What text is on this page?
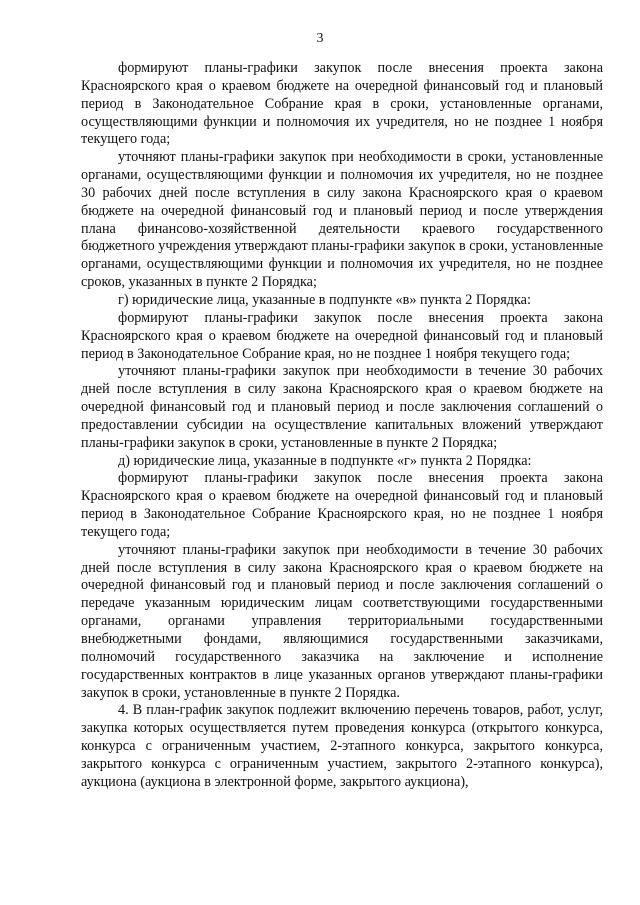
3

формируют планы-графики закупок после внесения проекта закона Красноярского края о краевом бюджете на очередной финансовый год и плановый период в Законодательное Собрание края в сроки, установленные органами, осуществляющими функции и полномочия их учредителя, но не позднее 1 ноября текущего года;

уточняют планы-графики закупок при необходимости в сроки, установленные органами, осуществляющими функции и полномочия их учредителя, но не позднее 30 рабочих дней после вступления в силу закона Красноярского края о краевом бюджете на очередной финансовый год и плановый период и после утверждения плана финансово-хозяйственной деятельности краевого государственного бюджетного учреждения утверждают планы-графики закупок в сроки, установленные органами, осуществляющими функции и полномочия их учредителя, но не позднее сроков, указанных в пункте 2 Порядка;

г) юридические лица, указанные в подпункте «в» пункта 2 Порядка:

формируют планы-графики закупок после внесения проекта закона Красноярского края о краевом бюджете на очередной финансовый год и плановый период в Законодательное Собрание края, но не позднее 1 ноября текущего года;

уточняют планы-графики закупок при необходимости в течение 30 рабочих дней после вступления в силу закона Красноярского края о краевом бюджете на очередной финансовый год и плановый период и после заключения соглашений о предоставлении субсидии на осуществление капитальных вложений утверждают планы-графики закупок в сроки, установленные в пункте 2 Порядка;

д) юридические лица, указанные в подпункте «г» пункта 2 Порядка:

формируют планы-графики закупок после внесения проекта закона Красноярского края о краевом бюджете на очередной финансовый год и плановый период в Законодательное Собрание Красноярского края, но не позднее 1 ноября текущего года;

уточняют планы-графики закупок при необходимости в течение 30 рабочих дней после вступления в силу закона Красноярского края о краевом бюджете на очередной финансовый год и плановый период и после заключения соглашений о передаче указанным юридическим лицам соответствующими государственными органами, органами управления территориальными государственными внебюджетными фондами, являющимися государственными заказчиками, полномочий государственного заказчика на заключение и исполнение государственных контрактов в лице указанных органов утверждают планы-графики закупок в сроки, установленные в пункте 2 Порядка.

4. В план-график закупок подлежит включению перечень товаров, работ, услуг, закупка которых осуществляется путем проведения конкурса (открытого конкурса, конкурса с ограниченным участием, 2-этапного конкурса, закрытого конкурса, закрытого конкурса с ограниченным участием, закрытого 2-этапного конкурса), аукциона (аукциона в электронной форме, закрытого аукциона),
